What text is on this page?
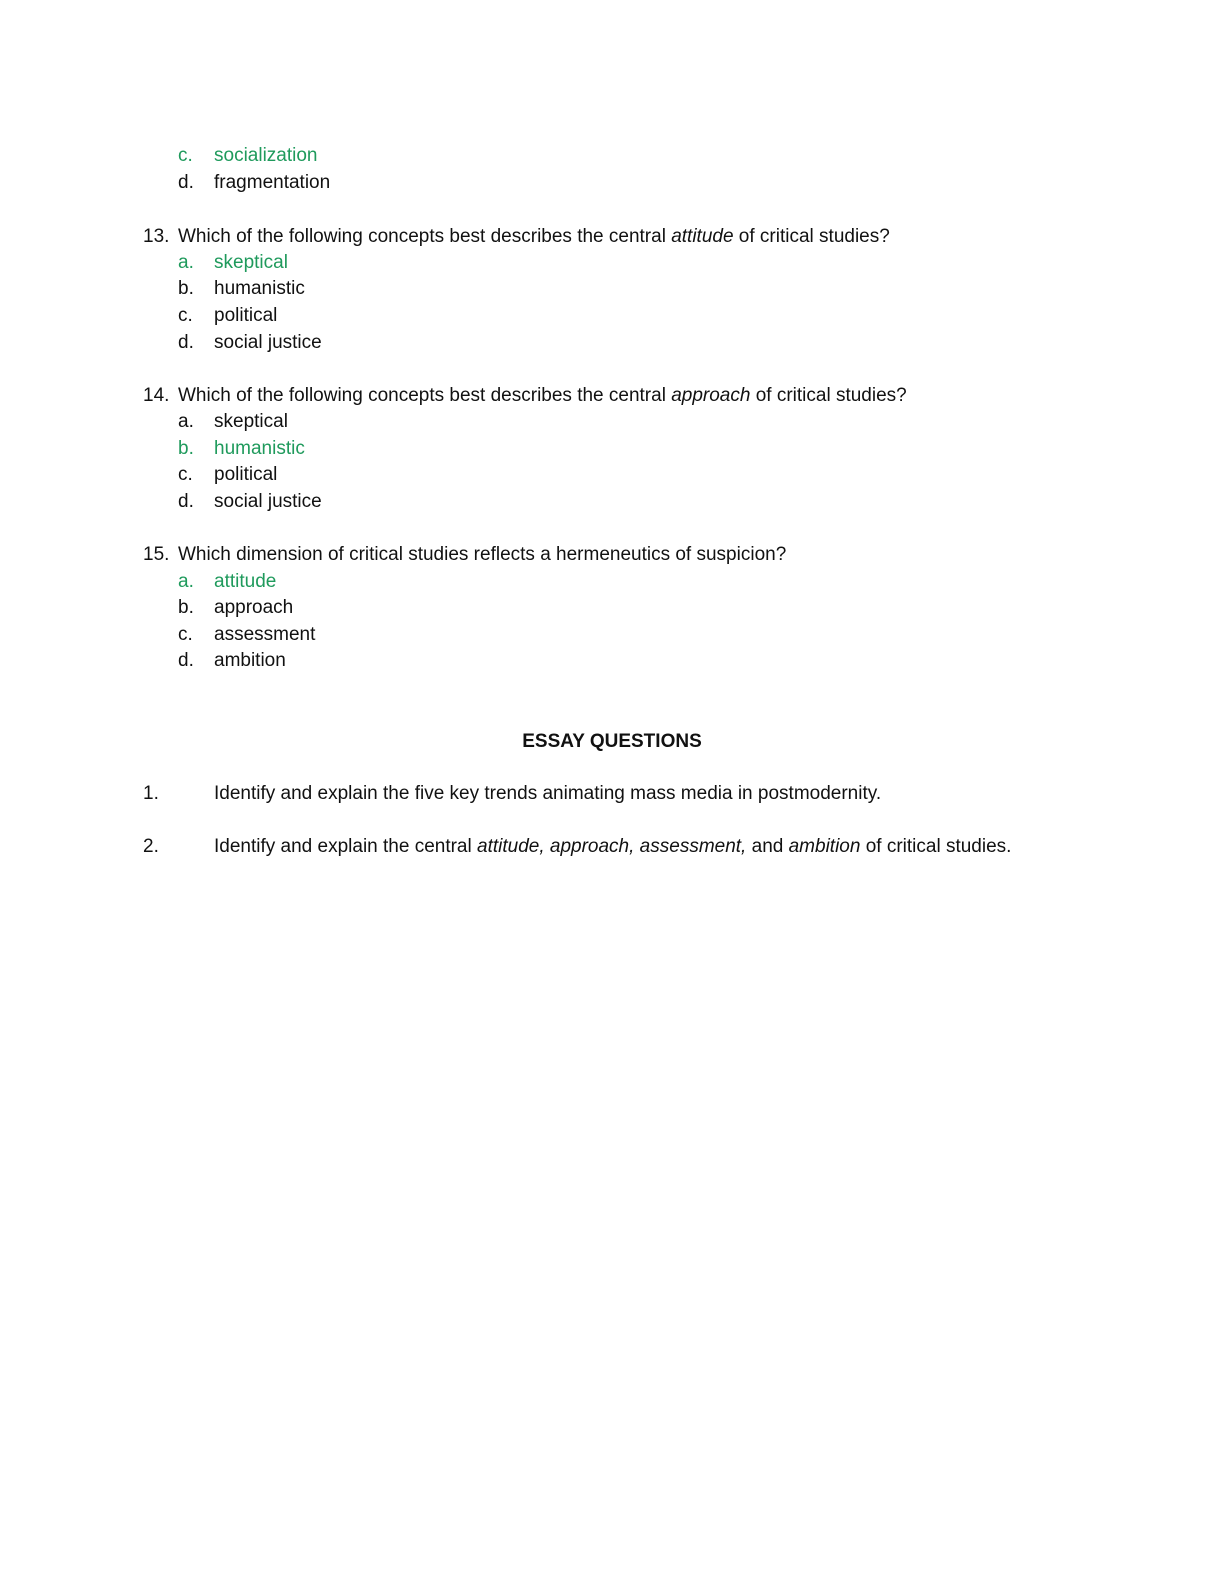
c.	socialization
d.	fragmentation
13. Which of the following concepts best describes the central attitude of critical studies?
a.	skeptical
b.	humanistic
c.	political
d.	social justice
14. Which of the following concepts best describes the central approach of critical studies?
a.	skeptical
b.	humanistic
c.	political
d.	social justice
15. Which dimension of critical studies reflects a hermeneutics of suspicion?
a.	attitude
b.	approach
c.	assessment
d.	ambition
ESSAY QUESTIONS
1.	Identify and explain the five key trends animating mass media in postmodernity.
2.	Identify and explain the central attitude, approach, assessment, and ambition of critical studies.
